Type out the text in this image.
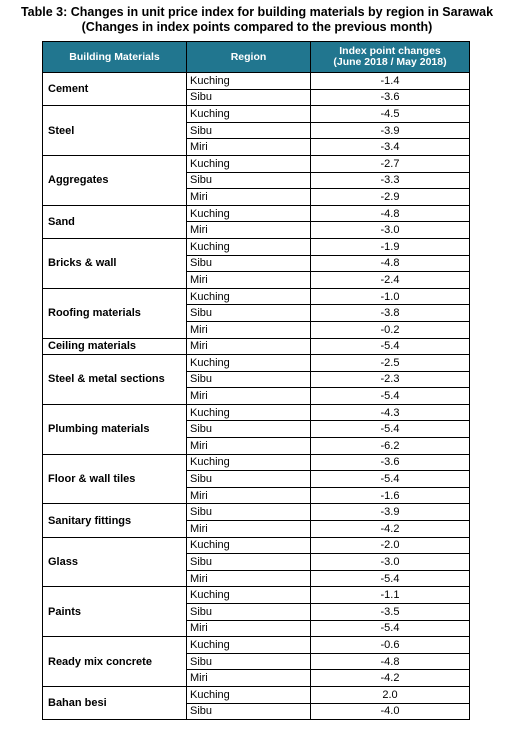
Table 3: Changes in unit price index for building materials by region in Sarawak
(Changes in index points compared to the previous month)
Building Materials	Region	Index point changes
(June 2018 / May 2018)

Cement	Kuching	-1.4
	Sibu	-3.6
Steel	Kuching	-4.5
	Sibu	-3.9
	Miri	-3.4
Aggregates	Kuching	-2.7
	Sibu	-3.3
	Miri	-2.9
Sand	Kuching	-4.8
	Miri	-3.0
Bricks & wall	Kuching	-1.9
	Sibu	-4.8
	Miri	-2.4
Roofing materials	Kuching	-1.0
	Sibu	-3.8
	Miri	-0.2
Ceiling materials	Miri	-5.4
Steel & metal sections	Kuching	-2.5
	Sibu	-2.3
	Miri	-5.4
Plumbing materials	Kuching	-4.3
	Sibu	-5.4
	Miri	-6.2
Floor & wall tiles	Kuching	-3.6
	Sibu	-5.4
	Miri	-1.6
Sanitary fittings	Sibu	-3.9
	Miri	-4.2
Glass	Kuching	-2.0
	Sibu	-3.0
	Miri	-5.4
Paints	Kuching	-1.1
	Sibu	-3.5
	Miri	-5.4
Ready mix concrete	Kuching	-0.6
	Sibu	-4.8
	Miri	-4.2
Bahan besi	Kuching	2.0
	Sibu	-4.0
